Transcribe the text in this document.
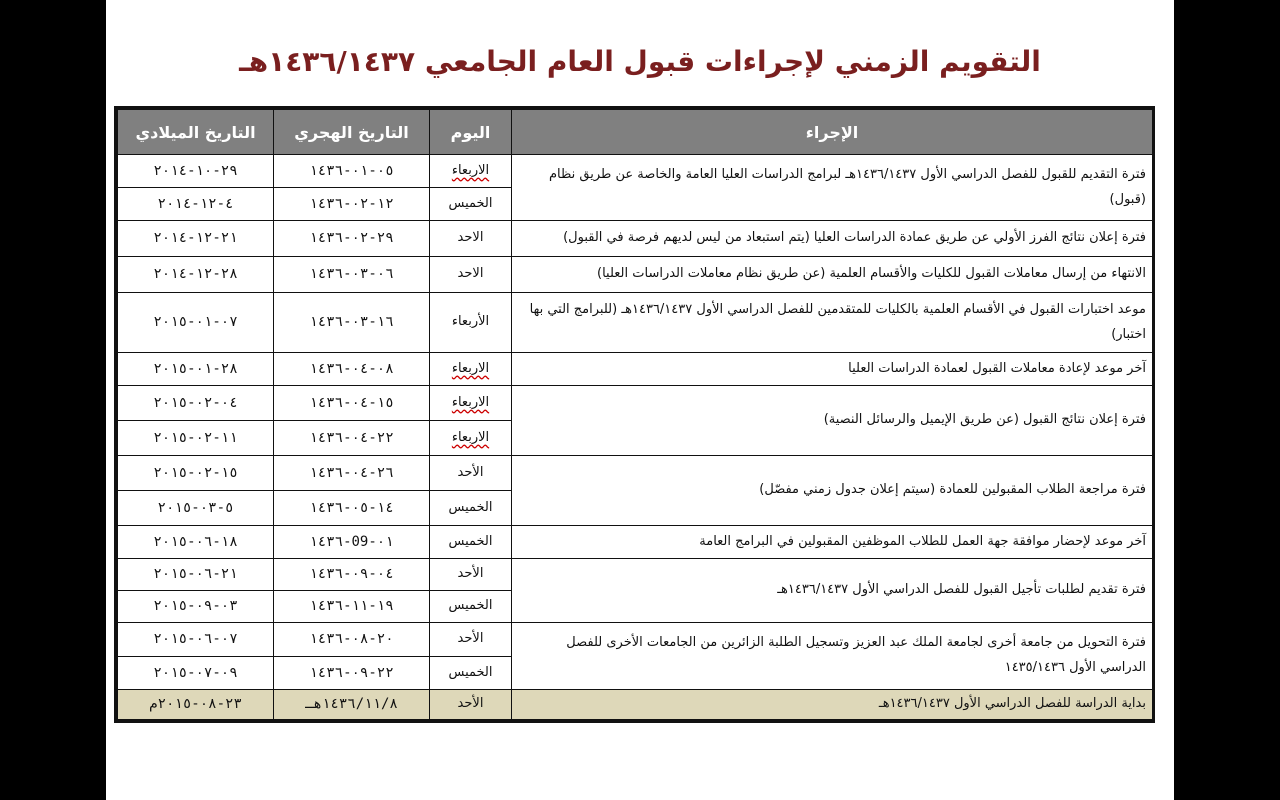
التقويم الزمني لإجراءات قبول العام الجامعي ١٤٣٦/١٤٣٧هـ
الإجراء	اليوم	التاريخ الهجري	التاريخ الميلادي
فترة التقديم للقبول للفصل الدراسي الأول ١٤٣٦/١٤٣٧هـ لبرامج الدراسات العليا العامة والخاصة عن طريق نظام (قبول)	الاربعاء	٠٥-٠١-١٤٣٦	٢٩-١٠-٢٠١٤
	الخميس	١٢-٠٢-١٤٣٦	٤-١٢-٢٠١٤
فترة إعلان نتائج الفرز الأولي عن طريق عمادة الدراسات العليا (يتم استبعاد من ليس لديهم فرصة في القبول)	الاحد	٢٩-٠٢-١٤٣٦	٢١-١٢-٢٠١٤
الانتهاء من إرسال معاملات القبول للكليات والأقسام العلمية (عن طريق نظام معاملات الدراسات العليا)	الاحد	٠٦-٠٣-١٤٣٦	٢٨-١٢-٢٠١٤
موعد اختبارات القبول في الأقسام العلمية بالكليات للمتقدمين للفصل الدراسي الأول ١٤٣٦/١٤٣٧هـ (للبرامج التي بها اختبار)	الأربعاء	١٦-٠٣-١٤٣٦	٠٧-٠١-٢٠١٥
آخر موعد لإعادة معاملات القبول لعمادة الدراسات العليا	الاربعاء	٠٨-٠٤-١٤٣٦	٢٨-٠١-٢٠١٥
فترة إعلان نتائج القبول (عن طريق الإيميل والرسائل النصية)	الاربعاء	١٥-٠٤-١٤٣٦	٠٤-٠٢-٢٠١٥
	الاربعاء	٢٢-٠٤-١٤٣٦	١١-٠٢-٢٠١٥
فترة مراجعة الطلاب المقبولين للعمادة (سيتم إعلان جدول زمني مفصّل)	الأحد	٢٦-٠٤-١٤٣٦	١٥-٠٢-٢٠١٥
	الخميس	١٤-٠٥-١٤٣٦	٥-٠٣-٢٠١٥
آخر موعد لإحضار موافقة جهة العمل للطلاب الموظفين المقبولين في البرامج العامة	الخميس	٠١-09-١٤٣٦	١٨-٠٦-٢٠١٥
فترة تقديم لطلبات تأجيل القبول للفصل الدراسي الأول ١٤٣٦/١٤٣٧هـ	الأحد	٠٤-٠٩-١٤٣٦	٢١-٠٦-٢٠١٥
	الخميس	١٩-١١-١٤٣٦	٠٣-٠٩-٢٠١٥
فترة التحويل من جامعة أخرى لجامعة الملك عبد العزيز وتسجيل الطلبة الزائرين من الجامعات الأخرى للفصل الدراسي الأول ١٤٣٥/١٤٣٦	الأحد	٢٠-٠٨-١٤٣٦	٠٧-٠٦-٢٠١٥
	الخميس	٢٢-٠٩-١٤٣٦	٠٩-٠٧-٢٠١٥
بداية الدراسة للفصل الدراسي الأول ١٤٣٦/١٤٣٧هـ	الأحد	١٤٣٦/١١/٨هـ	٢٣-٠٨-٢٠١٥م
